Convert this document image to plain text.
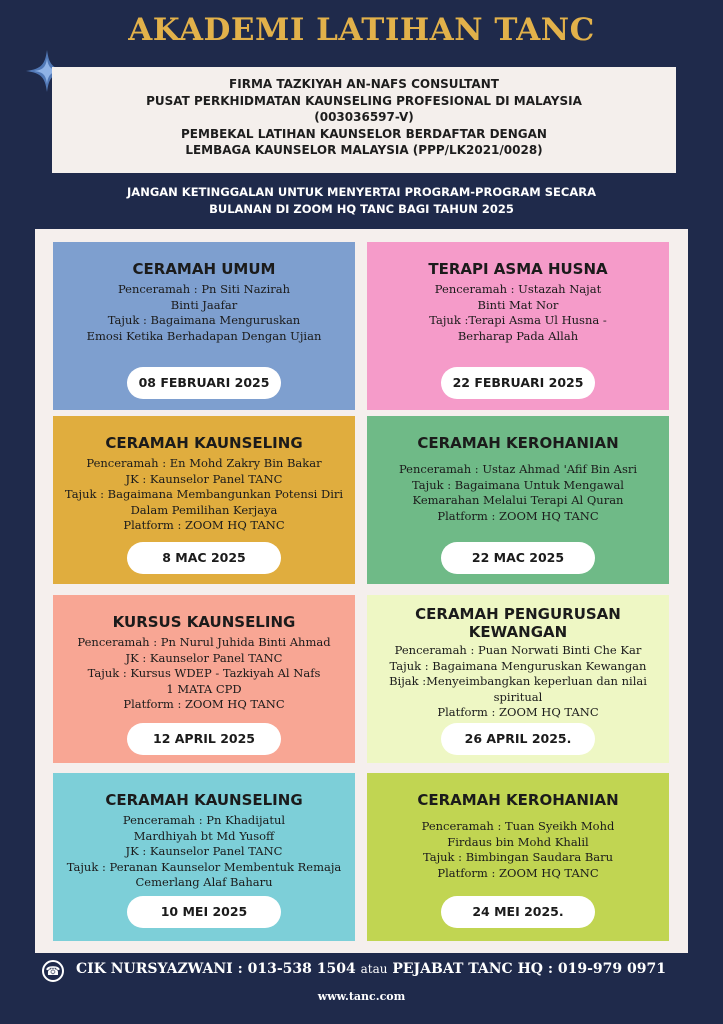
AKADEMI LATIHAN TANC
FIRMA TAZKIYAH AN-NAFS CONSULTANT
PUSAT PERKHIDMATAN KAUNSELING PROFESIONAL DI MALAYSIA
(003036597-V)
PEMBEKAL LATIHAN KAUNSELOR BERDAFTAR DENGAN
LEMBAGA KAUNSELOR MALAYSIA (PPP/LK2021/0028)
JANGAN KETINGGALAN UNTUK MENYERTAI PROGRAM-PROGRAM SECARA
BULANAN DI ZOOM HQ TANC BAGI TAHUN 2025
CERAMAH UMUM
Penceramah : Pn Siti Nazirah
Binti Jaafar
Tajuk : Bagaimana Menguruskan
Emosi Ketika Berhadapan Dengan Ujian
08 FEBRUARI 2025
TERAPI ASMA HUSNA
Penceramah : Ustazah Najat
Binti Mat Nor
Tajuk :Terapi Asma Ul Husna -
Berharap Pada Allah
22 FEBRUARI 2025
CERAMAH KAUNSELING
Penceramah : En Mohd Zakry Bin Bakar
JK : Kaunselor Panel TANC
Tajuk : Bagaimana Membangunkan Potensi Diri
Dalam Pemilihan Kerjaya
Platform : ZOOM HQ TANC
8 MAC 2025
CERAMAH KEROHANIAN
Penceramah : Ustaz Ahmad 'Afif Bin Asri
Tajuk : Bagaimana Untuk Mengawal
Kemarahan Melalui Terapi Al Quran
Platform : ZOOM HQ TANC
22 MAC 2025
KURSUS KAUNSELING
Penceramah : Pn Nurul Juhida Binti Ahmad
JK : Kaunselor Panel TANC
Tajuk : Kursus WDEP - Tazkiyah Al Nafs
1 MATA CPD
Platform : ZOOM HQ TANC
12 APRIL 2025
CERAMAH PENGURUSAN KEWANGAN
Penceramah : Puan Norwati Binti Che Kar
Tajuk : Bagaimana Menguruskan Kewangan
Bijak :Menyeimbangkan keperluan dan nilai
spiritual
Platform : ZOOM HQ TANC
26 APRIL 2025.
CERAMAH KAUNSELING
Penceramah : Pn Khadijatul
Mardhiyah bt Md Yusoff
JK : Kaunselor Panel TANC
Tajuk : Peranan Kaunselor Membentuk Remaja
Cemerlang Alaf Baharu
10 MEI 2025
CERAMAH KEROHANIAN
Penceramah : Tuan Syeikh Mohd
Firdaus bin Mohd Khalil
Tajuk : Bimbingan Saudara Baru
Platform : ZOOM HQ TANC
24 MEI 2025.
☎ CIK NURSYAZWANI : 013-538 1504 atau PEJABAT TANC HQ : 019-979 0971
www.tanc.com
